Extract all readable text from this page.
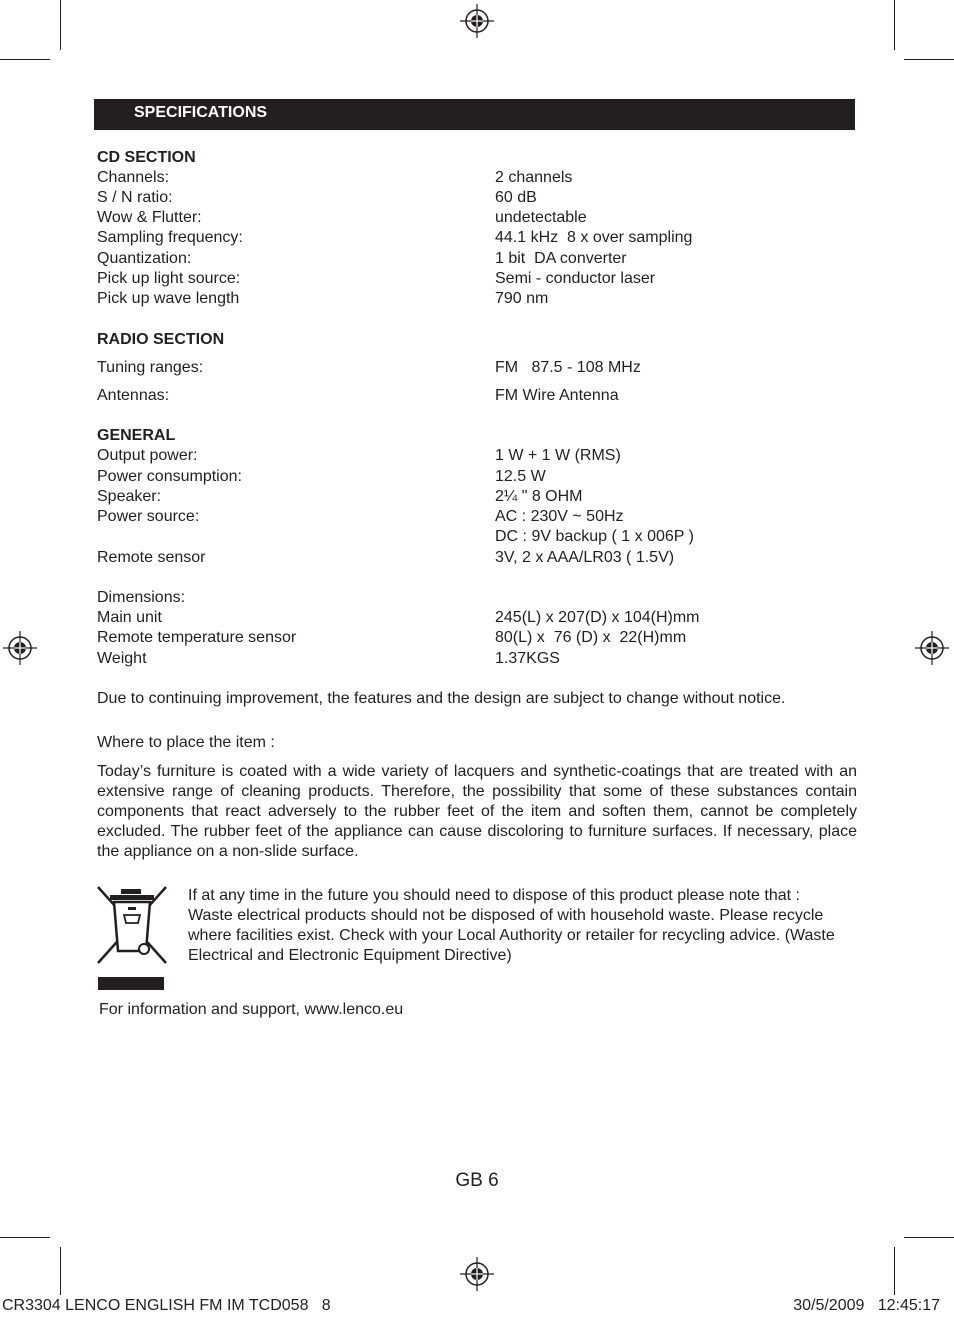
SPECIFICATIONS
CD SECTION
Channels:	2 channels
S / N ratio:	60 dB
Wow & Flutter:	undetectable
Sampling frequency:	44.1 kHz  8 x over sampling
Quantization:	1 bit  DA converter
Pick up light source:	Semi - conductor laser
Pick up wave length	790 nm
RADIO SECTION
Tuning ranges:	FM   87.5 - 108 MHz
Antennas:	FM Wire Antenna
GENERAL
Output power:	1 W + 1 W (RMS)
Power consumption:	12.5 W
Speaker:	2¼ " 8 OHM
Power source:	AC : 230V ~ 50Hz
DC : 9V backup ( 1 x 006P )
Remote sensor	3V, 2 x AAA/LR03 ( 1.5V)
Dimensions:
Main unit	245(L) x 207(D) x 104(H)mm
Remote temperature sensor	80(L) x  76 (D) x  22(H)mm
Weight	1.37KGS
Due to continuing improvement, the features and the design are subject to change without notice.
Where to place the item :
Today’s furniture is coated with a wide variety of lacquers and synthetic-coatings that are treated with an extensive range of cleaning products. Therefore, the possibility that some of these substances contain components that react adversely to the rubber feet of the item and soften them, cannot be completely excluded. The rubber feet of the appliance can cause discoloring to furniture surfaces. If necessary, place the appliance on a non-slide surface.
If at any time in the future you should need to dispose of this product please note that :
Waste electrical products should not be disposed of with household waste. Please recycle
where facilities exist. Check with your Local Authority or retailer for recycling advice. (Waste
Electrical and Electronic Equipment Directive)
For information and support, www.lenco.eu
GB 6
CR3304 LENCO ENGLISH FM IM TCD058   8	30/5/2009   12:45:17
